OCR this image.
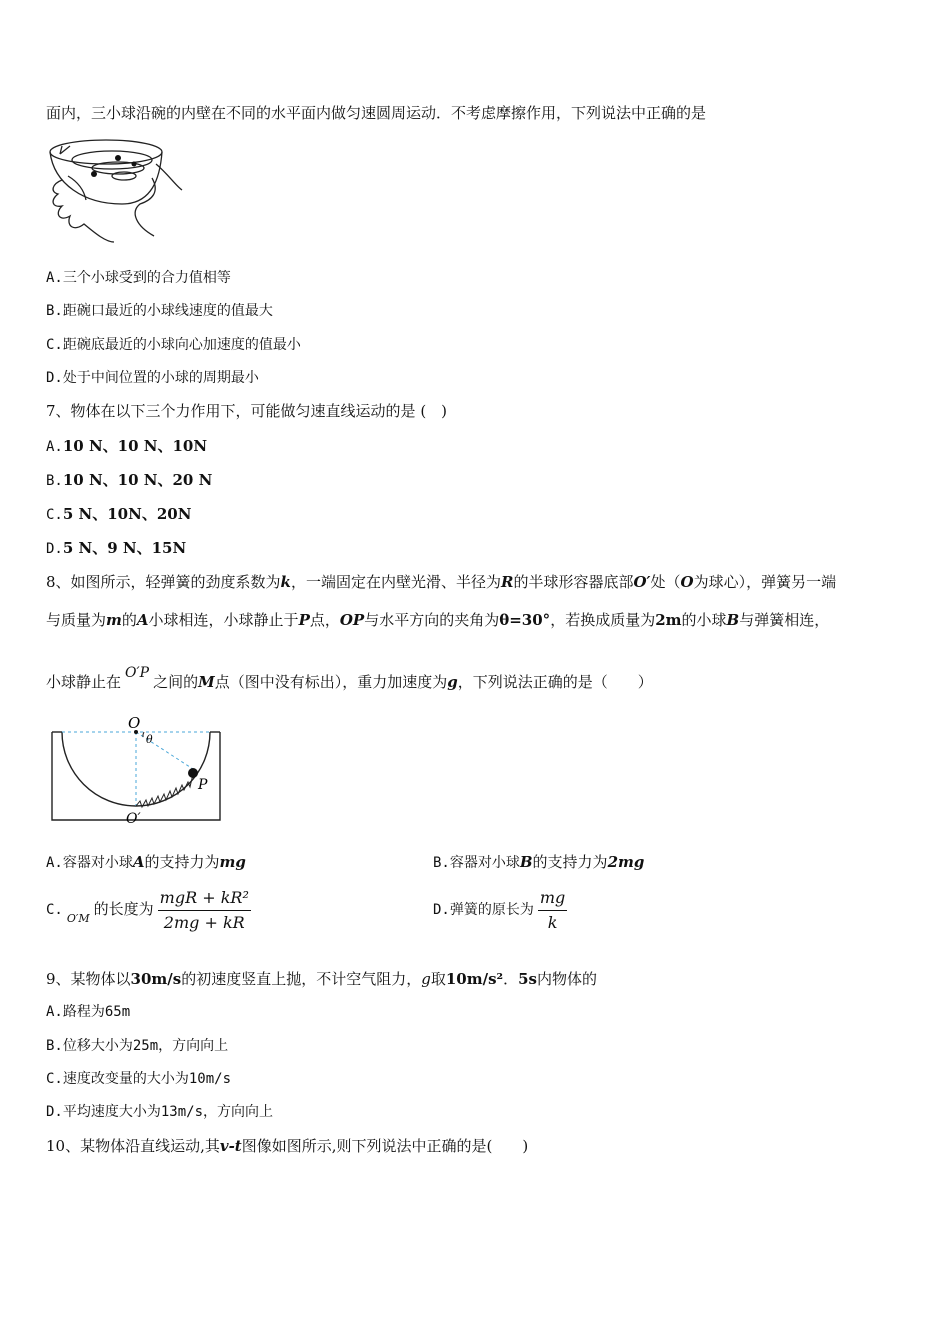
面内，三小球沿碗的内壁在不同的水平面内做匀速圆周运动．不考虑摩擦作用，下列说法中正确的是
A.三个小球受到的合力值相等
B.距碗口最近的小球线速度的值最大
C.距碗底最近的小球向心加速度的值最小
D.处于中间位置的小球的周期最小
7、物体在以下三个力作用下，可能做匀速直线运动的是 (　)
A.10 N、10 N、10N
B.10 N、10 N、20 N
C.5 N、10N、20N
D.5 N、9 N、15N
8、如图所示，轻弹簧的劲度系数为k，一端固定在内壁光滑、半径为R的半球形容器底部O′处（O为球心），弹簧另一端
与质量为m的A小球相连，小球静止于P点，OP与水平方向的夹角为θ=30°，若换成质量为2m的小球B与弹簧相连，
小球静止在 O′P 之间的M点（图中没有标出），重力加速度为g，下列说法正确的是（　　）
O
θ
P
O′
A.容器对小球A的支持力为mg	B.容器对小球B的支持力为2mg
$C._{O'M}$的长度为 $\frac{\text{mgR + kR²}}{2mg + kR}$	D.弹簧的原长为 $\frac{mg}{k}$
9、某物体以30m/s的初速度竖直上抛，不计空气阻力，g取10m/s²．5s内物体的
A.路程为65m
B.位移大小为25m，方向向上
C.速度改变量的大小为10m/s
D.平均速度大小为13m/s，方向向上
10、某物体沿直线运动,其v-t图像如图所示,则下列说法中正确的是(　　)
